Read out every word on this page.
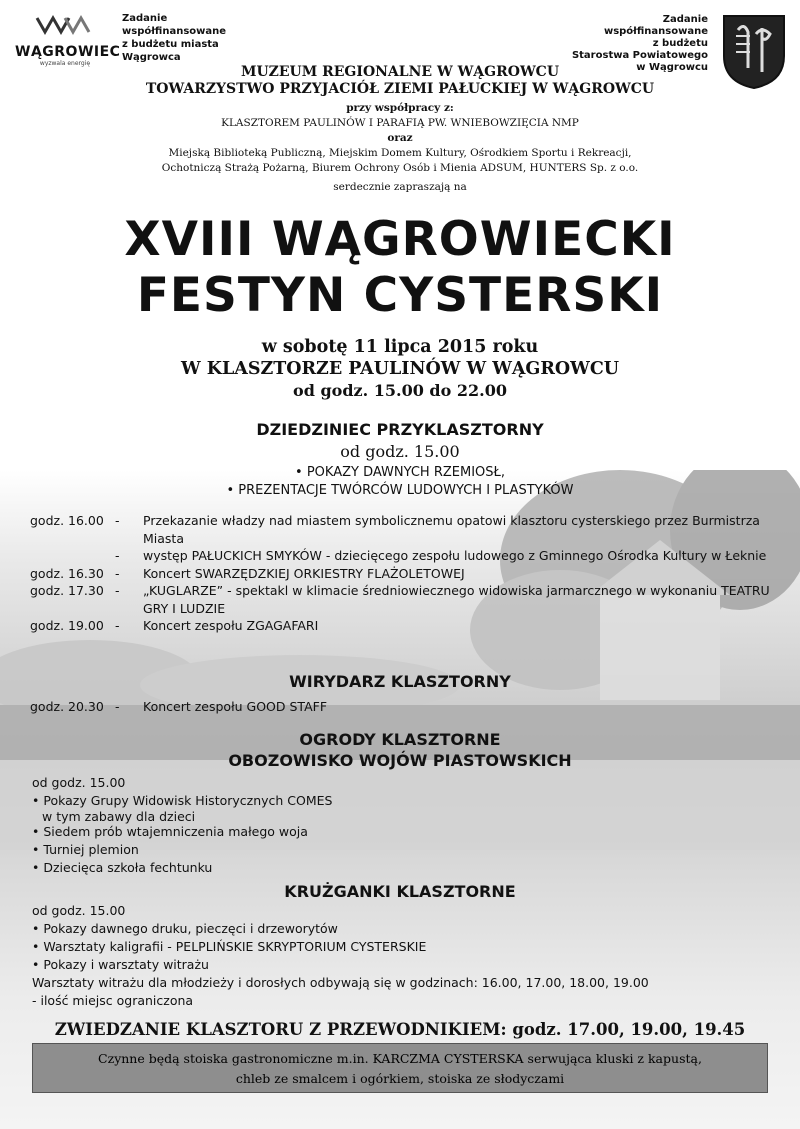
WĄGROWIEC
wyzwala energię
Zadanie
współfinansowane
z budżetu miasta
Wągrowca
Zadanie
współfinansowane
z budżetu
Starostwa Powiatowego
w Wągrowcu
MUZEUM REGIONALNE W WĄGROWCU
TOWARZYSTWO PRZYJACIÓŁ ZIEMI PAŁUCKIEJ W WĄGROWCU
przy współpracy z:
KLASZTOREM PAULINÓW I PARAFIĄ PW. WNIEBOWZIĘCIA NMP
oraz
Miejską Biblioteką Publiczną, Miejskim Domem Kultury, Ośrodkiem Sportu i Rekreacji,
Ochotniczą Strażą Pożarną, Biurem Ochrony Osób i Mienia ADSUM, HUNTERS Sp. z o.o.
serdecznie zapraszają na
XVIII WĄGROWIECKI
FESTYN CYSTERSKI
w sobotę 11 lipca 2015 roku
W KLASZTORZE PAULINÓW W WĄGROWCU
od godz. 15.00 do 22.00
DZIEDZINIEC PRZYKLASZTORNY
od godz. 15.00
• POKAZY DAWNYCH RZEMIOSŁ,
• PREZENTACJE TWÓRCÓW LUDOWYCH I PLASTYKÓW
godz. 16.00 -	Przekazanie władzy nad miastem symbolicznemu opatowi klasztoru cysterskiego przez Burmistrza Miasta
-	występ PAŁUCKICH SMYKÓW - dziecięcego zespołu ludowego z Gminnego Ośrodka Kultury w Łeknie
godz. 16.30 -	Koncert SWARZĘDZKIEJ ORKIESTRY FLAŻOLETOWEJ
godz. 17.30 -	„KUGLARZE” - spektakl w klimacie średniowiecznego widowiska jarmarcznego w wykonaniu TEATRU GRY I LUDZIE
godz. 19.00 -	Koncert zespołu ZGAGAFARI
WIRYDARZ KLASZTORNY
godz. 20.30 -	Koncert zespołu GOOD STAFF
OGRODY KLASZTORNE
OBOZOWISKO WOJÓW PIASTOWSKICH
od godz. 15.00
• Pokazy Grupy Widowisk Historycznych COMES
w tym zabawy dla dzieci
• Siedem prób wtajemniczenia małego woja
• Turniej plemion
• Dziecięca szkoła fechtunku
KRUŻGANKI KLASZTORNE
od godz. 15.00
• Pokazy dawnego druku, pieczęci i drzeworytów
• Warsztaty kaligrafii - PELPLIŃSKIE SKRYPTORIUM CYSTERSKIE
• Pokazy i warsztaty witrażu
Warsztaty witrażu dla młodzieży i dorosłych odbywają się w godzinach: 16.00, 17.00, 18.00, 19.00
- ilość miejsc ograniczona
ZWIEDZANIE KLASZTORU Z PRZEWODNIKIEM: godz. 17.00, 19.00, 19.45
Czynne będą stoiska gastronomiczne m.in. KARCZMA CYSTERSKA serwująca kluski z kapustą,
chleb ze smalcem i ogórkiem, stoiska ze słodyczami
